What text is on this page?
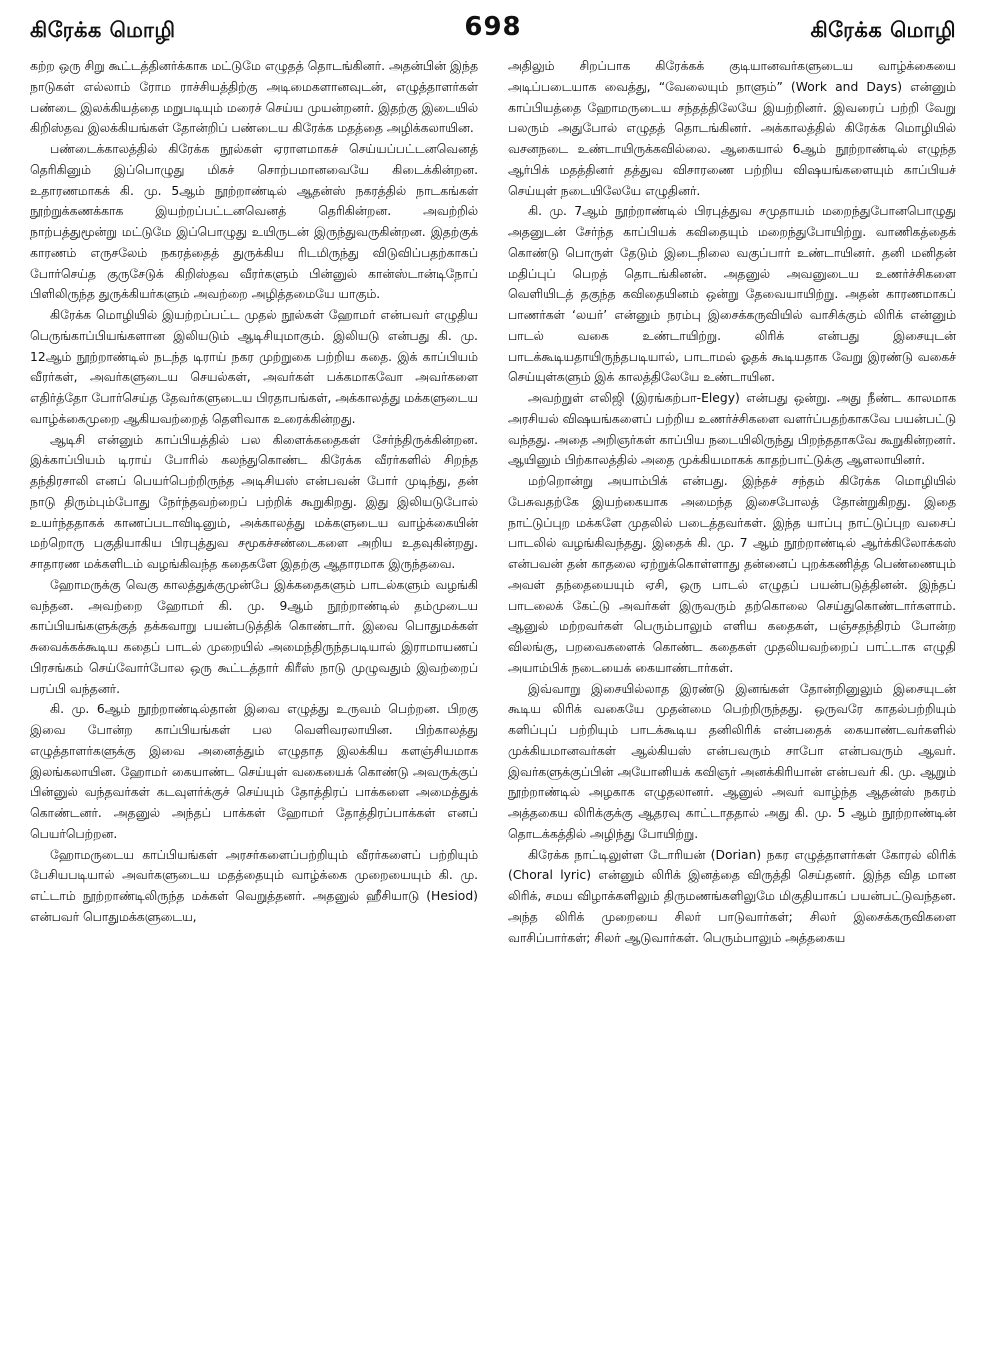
கிரேக்க மொழி	698	கிரேக்க மொழி

கற்ற ஒரு சிறு கூட்டத்தினர்க்காக மட்டுமே எழுதத் தொடங்கினர். அதன்பின் இந்த நாடுகள் எல்லாம் ரோம ராச்சியத்திற்கு அடிமைகளானவுடன், எழுத்தாளர்கள் பண்டை இலக்கியத்தை மறுபடியும் மரைச் செய்ய முயன்றனர். இதற்கு இடையில் கிறிஸ்தவ இலக்கியங்கள் தோன்றிப் பண்டைய கிரேக்க மதத்தை அழிக்கலாயின.

பண்டைக்காலத்தில் கிரேக்க நூல்கள் ஏராளமாகச் செய்யப்பட்டனவெனத் தெரிகினும் இப்பொழுது மிகச் சொற்பமானவையே கிடைக்கின்றன. உதாரணமாகக் கி. மு. 5ஆம் நூற்றாண்டில் ஆதன்ஸ் நகரத்தில் நாடகங்கள் நூற்றுக்கணக்காக இயற்றப்பட்டனவெனத் தெரிகின்றன. அவற்றில் நாற்பத்துமூன்று மட்டுமே இப்பொழுது உயிருடன் இருந்துவருகின்றன. இதற்குக் காரணம் எருசலேம் நகரத்தைத் துருக்கிய ரிடமிருந்து விடுவிப்பதற்காகப் போர்செய்த குருசேடுக் கிறிஸ்தவ வீரர்களும் பின்னுல் கான்ஸ்டான்டிநோப் பிளிலிருந்த துருக்கியர்களும் அவற்றை அழித்தமையே யாகும்.

கிரேக்க மொழியில் இயற்றப்பட்ட முதல் நூல்கள் ஹோமர் என்பவர் எழுதிய பெருங்காப்பியங்களான இலியடும் ஆடிசியுமாகும். இலியடு என்பது கி. மு. 12ஆம் நூற்றாண்டில் நடந்த டிராய் நகர முற்றுகை பற்றிய கதை. இக் காப்பியம் வீரர்கள், அவர்களுடைய செயல்கள், அவர்கள் பக்கமாகவோ அவர்களை எதிர்த்தோ போர்செய்த தேவர்களுடைய பிரதாபங்கள், அக்காலத்து மக்களுடைய வாழ்க்கைமுறை ஆகியவற்றைத் தெளிவாக உரைக்கின்றது.

ஆடிசி என்னும் காப்பியத்தில் பல கிளைக்கதைகள் சேர்ந்திருக்கின்றன. இக்காப்பியம் டிராய் போரில் கலந்துகொண்ட கிரேக்க வீரர்களில் சிறந்த தந்திரசாலி எனப் பெயர்பெற்றிருந்த அடிசியஸ் என்பவன் போர் முடிந்து, தன் நாடு திரும்பும்போது நேர்ந்தவற்றைப் பற்றிக் கூறுகிறது. இது இலியடுபோல் உயர்ந்ததாகக் காணப்படாவிடினும், அக்காலத்து மக்களுடைய வாழ்க்கையின் மற்றொரு பகுதியாகிய பிரபுத்துவ சமூகச்சண்டைகளை அறிய உதவுகின்றது. சாதாரண மக்களிடம் வழங்கிவந்த கதைகளே இதற்கு ஆதாரமாக இருந்தவை.

ஹோமருக்கு வெகு காலத்துக்குமுன்பே இக்கதைகளும் பாடல்களும் வழங்கி வந்தன. அவற்றை ஹோமர் கி. மு. 9ஆம் நூற்றாண்டில் தம்முடைய காப்பியங்களுக்குத் தக்கவாறு பயன்படுத்திக் கொண்டார். இவை பொதுமக்கள் சுவைக்கக்கூடிய கதைப் பாடல் முறையில் அமைந்திருந்தபடியால் இராமாயணப் பிரசங்கம் செய்வோர்போல ஒரு கூட்டத்தார் கிரீஸ் நாடு முழுவதும் இவற்றைப் பரப்பி வந்தனர்.

கி. மு. 6ஆம் நூற்றாண்டில்தான் இவை எழுத்து உருவம் பெற்றன. பிறகு இவை போன்ற காப்பியங்கள் பல வெளிவரலாயின. பிற்காலத்து எழுத்தாளர்களுக்கு இவை அனைத்தும் எழுதாத இலக்கிய களஞ்சியமாக இலங்கலாயின. ஹோமர் கையாண்ட செய்யுள் வகையைக் கொண்டு அவருக்குப் பின்னுல் வந்தவர்கள் கடவுளர்க்குச் செய்யும் தோத்திரப் பாக்களை அமைத்துக் கொண்டனர். அதனுல் அந்தப் பாக்கள் ஹோமர் தோத்திரப்பாக்கள் எனப் பெயர்பெற்றன.

ஹோமருடைய காப்பியங்கள் அரசர்களைப்பற்றியும் வீரர்களைப் பற்றியும் பேசியபடியால் அவர்களுடைய மதத்தையும் வாழ்க்கை முறையையும் கி. மு. எட்டாம் நூற்றாண்டிலிருந்த மக்கள் வெறுத்தனர். அதனுல் ஹீசியாடு (Hesiod) என்பவர் பொதுமக்களுடைய,

அதிலும் சிறப்பாக கிரேக்கக் குடியானவர்களுடைய வாழ்க்கையை அடிப்படையாக வைத்து, “வேலையும் நாளும்” (Work and Days) என்னும் காப்பியத்தை ஹோமருடைய சந்தத்திலேயே இயற்றினர். இவரைப் பற்றி வேறு பலரும் அதுபோல் எழுதத் தொடங்கினர். அக்காலத்தில் கிரேக்க மொழியில் வசனநடை உண்டாயிருக்கவில்லை. ஆகையால் 6ஆம் நூற்றாண்டில் எழுந்த ஆர்பிக் மதத்தினர் தத்துவ விசாரணை பற்றிய விஷயங்களையும் காப்பியச் செய்யுள் நடையிலேயே எழுதினர்.

கி. மு. 7ஆம் நூற்றாண்டில் பிரபுத்துவ சமுதாயம் மறைந்துபோனபொழுது அதனுடன் சேர்ந்த காப்பியக் கவிதையும் மறைந்துபோயிற்று. வாணிகத்தைக் கொண்டு பொருள் தேடும் இடைநிலை வகுப்பார் உண்டாயினர். தனி மனிதன் மதிப்புப் பெறத் தொடங்கினன். அதனுல் அவனுடைய உணர்ச்சிகளை வெளியிடத் தகுந்த கவிதையினம் ஒன்று தேவையாயிற்று. அதன் காரணமாகப் பாணர்கள் ‘லயர்’ என்னும் நரம்பு இசைக்கருவியில் வாசிக்கும் லிரிக் என்னும் பாடல் வகை உண்டாயிற்று. லிரிக் என்பது இசையுடன் பாடக்கூடியதாயிருந்தபடியால், பாடாமல் ஓதக் கூடியதாக வேறு இரண்டு வகைச் செய்யுள்களும் இக் காலத்திலேயே உண்டாயின.

அவற்றுள் எலிஜி (இரங்கற்பா-Elegy) என்பது ஒன்று. அது நீண்ட காலமாக அரசியல் விஷயங்களைப் பற்றிய உணர்ச்சிகளை வளர்ப்பதற்காகவே பயன்பட்டு வந்தது. அதை அறிஞர்கள் காப்பிய நடையிலிருந்து பிறந்ததாகவே கூறுகின்றனர். ஆயினும் பிற்காலத்தில் அதை முக்கியமாகக் காதற்பாட்டுக்கு ஆளலாயினர்.

மற்றொன்று அயாம்பிக் என்பது. இந்தச் சந்தம் கிரேக்க மொழியில் பேசுவதற்கே இயற்கையாக அமைந்த இசைபோலத் தோன்றுகிறது. இதை நாட்டுப்புற மக்களே முதலில் படைத்தவர்கள். இந்த யாப்பு நாட்டுப்புற வசைப் பாடலில் வழங்கிவந்தது. இதைக் கி. மு. 7 ஆம் நூற்றாண்டில் ஆர்க்கிலோக்கஸ் என்பவன் தன் காதலை ஏற்றுக்கொள்ளாது தன்னைப் புறக்கணித்த பெண்ணையும் அவள் தந்தையையும் ஏசி, ஒரு பாடல் எழுதப் பயன்படுத்தினன். இந்தப் பாடலைக் கேட்டு அவர்கள் இருவரும் தற்கொலை செய்துகொண்டார்களாம். ஆனுல் மற்றவர்கள் பெரும்பாலும் எளிய கதைகள், பஞ்சதந்திரம் போன்ற விலங்கு, பறவைகளைக் கொண்ட கதைகள் முதலியவற்றைப் பாட்டாக எழுதி அயாம்பிக் நடையைக் கையாண்டார்கள்.

இவ்வாறு இசையில்லாத இரண்டு இனங்கள் தோன்றினுலும் இசையுடன் கூடிய லிரிக் வகையே முதன்மை பெற்றிருந்தது. ஒருவரே காதல்பற்றியும் களிப்புப் பற்றியும் பாடக்கூடிய தனிலிரிக் என்பதைக் கையாண்டவர்களில் முக்கியமானவர்கள் ஆல்கியஸ் என்பவரும் சாபோ என்பவரும் ஆவர். இவர்களுக்குப்பின் அயோனியக் கவிஞர் அனக்கிரியான் என்பவர் கி. மு. ஆறும் நூற்றாண்டில் அழகாக எழுதலானர். ஆனுல் அவர் வாழ்ந்த ஆதன்ஸ் நகரம் அத்தகைய லிரிக்குக்கு ஆதரவு காட்டாததால் அது கி. மு. 5 ஆம் நூற்றாண்டின் தொடக்கத்தில் அழிந்து போயிற்று.

கிரேக்க நாட்டிலுள்ள டோரியன் (Dorian) நகர எழுத்தாளர்கள் கோரல் லிரிக் (Choral lyric) என்னும் லிரிக் இனத்தை விருத்தி செய்தனர். இந்த வித மான லிரிக், சமய விழாக்களிலும் திருமணங்களிலுமே மிகுதியாகப் பயன்பட்டுவந்தன. அந்த லிரிக் முறையை சிலர் பாடுவார்கள்; சிலர் இசைக்கருவிகளை வாசிப்பார்கள்; சிலர் ஆடுவார்கள். பெரும்பாலும் அத்தகைய
